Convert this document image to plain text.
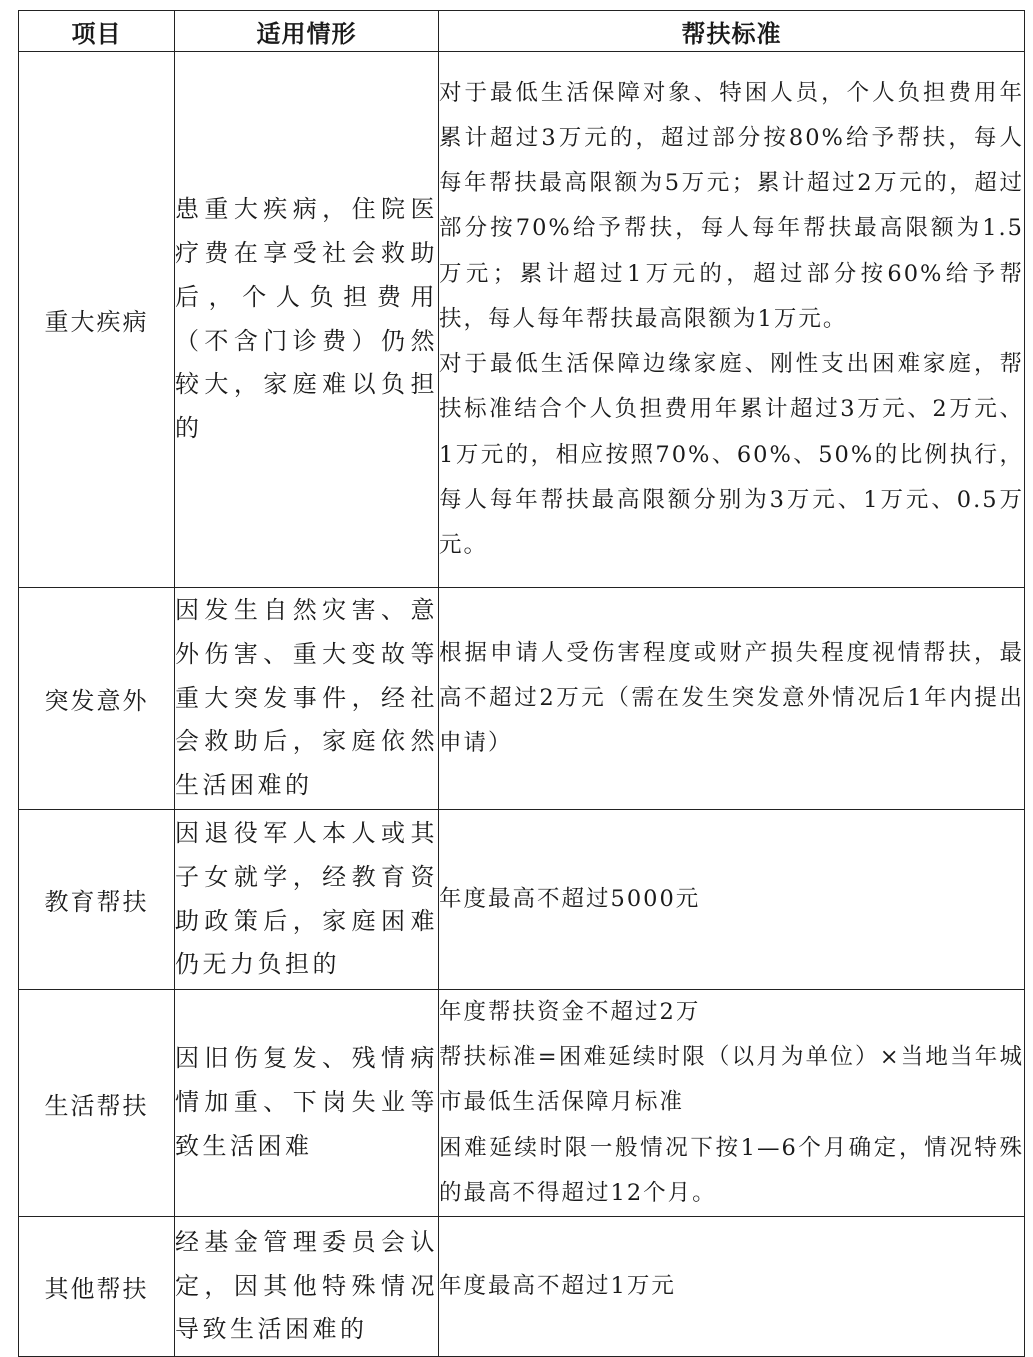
项目	适用情形	帮扶标准
重大疾病	患重大疾病，住院医疗费在享受社会救助后，个人负担费用（不含门诊费）仍然较大，家庭难以负担的	对于最低生活保障对象、特困人员，个人负担费用年累计超过3万元的，超过部分按80%给予帮扶，每人每年帮扶最高限额为5万元；累计超过2万元的，超过部分按70%给予帮扶，每人每年帮扶最高限额为1.5万元；累计超过1万元的，超过部分按60%给予帮扶，每人每年帮扶最高限额为1万元。

对于最低生活保障边缘家庭、刚性支出困难家庭，帮扶标准结合个人负担费用年累计超过3万元、2万元、1万元的，相应按照70%、60%、50%的比例执行，每人每年帮扶最高限额分别为3万元、1万元、0.5万元。

突发意外	因发生自然灾害、意外伤害、重大变故等重大突发事件，经社会救助后，家庭依然生活困难的	根据申请人受伤害程度或财产损失程度视情帮扶，最高不超过2万元（需在发生突发意外情况后1年内提出申请）

教育帮扶	因退役军人本人或其子女就学，经教育资助政策后，家庭困难仍无力负担的	年度最高不超过5000元

生活帮扶	因旧伤复发、残情病情加重、下岗失业等致生活困难	年度帮扶资金不超过2万

帮扶标准=困难延续时限（以月为单位）×当地当年城市最低生活保障月标准

困难延续时限一般情况下按1—6个月确定，情况特殊的最高不得超过12个月。

其他帮扶	经基金管理委员会认定，因其他特殊情况导致生活困难的	年度最高不超过1万元
